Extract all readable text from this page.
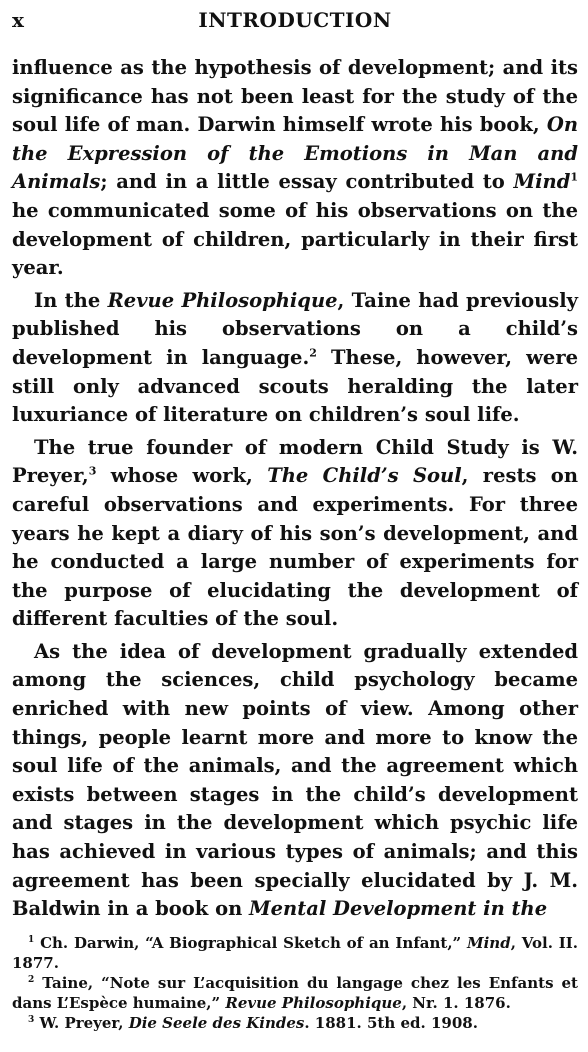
x	INTRODUCTION

influence as the hypothesis of development; and its significance has not been least for the study of the soul life of man. Darwin himself wrote his book, On the Expression of the Emotions in Man and Animals; and in a little essay contributed to Mind$^1$ he communicated some of his observations on the development of children, particularly in their first year.

In the Revue Philosophique, Taine had previously published his observations on a child’s development in language.$^2$ These, however, were still only advanced scouts heralding the later luxuriance of literature on children’s soul life.

The true founder of modern Child Study is W. Preyer,$^3$ whose work, The Child’s Soul, rests on careful observations and experiments. For three years he kept a diary of his son’s development, and he conducted a large number of experiments for the purpose of elucidating the development of different faculties of the soul.

As the idea of development gradually extended among the sciences, child psychology became enriched with new points of view. Among other things, people learnt more and more to know the soul life of the animals, and the agreement which exists between stages in the child’s development and stages in the development which psychic life has achieved in various types of animals; and this agreement has been specially elucidated by J. M. Baldwin in a book on Mental Development in the

$^1$ Ch. Darwin, “A Biographical Sketch of an Infant,” Mind, Vol. II. 1877.

$^2$ Taine, “Note sur L’acquisition du langage chez les Enfants et dans L’Espèce humaine,” Revue Philosophique, Nr. 1. 1876.

$^3$ W. Preyer, Die Seele des Kindes. 1881. 5th ed. 1908.
